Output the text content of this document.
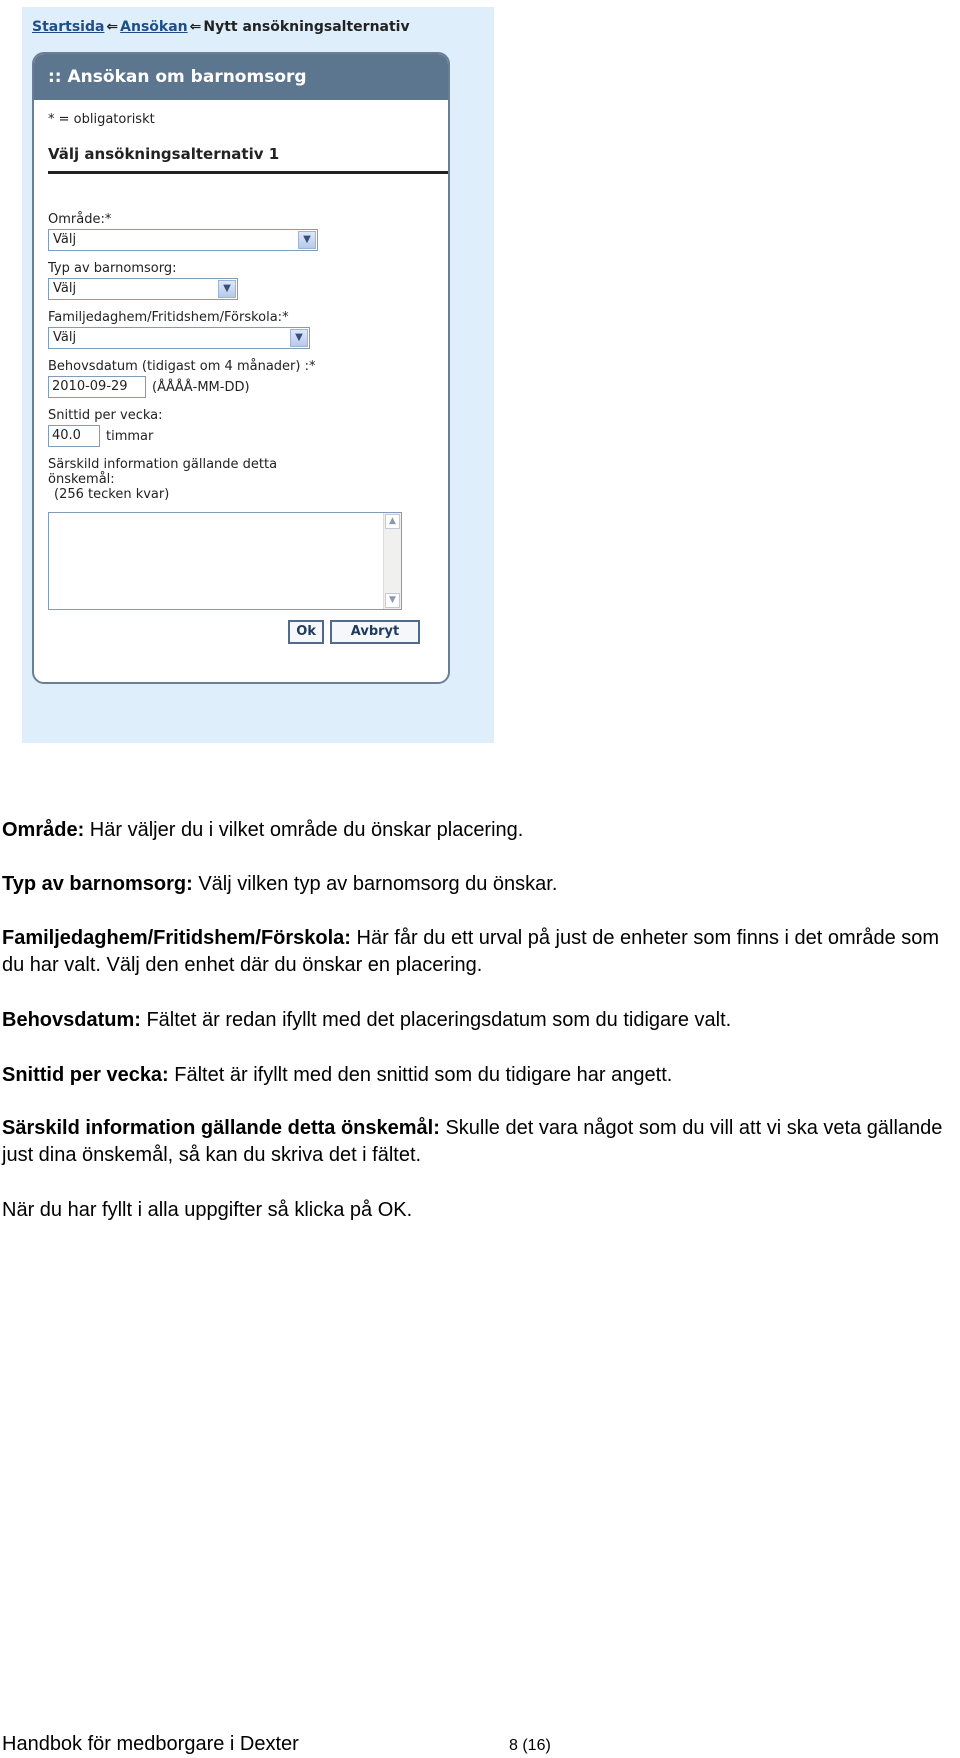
Startsida ⇐ Ansökan ⇐ Nytt ansökningsalternativ
:: Ansökan om barnomsorg
* = obligatoriskt
Välj ansökningsalternativ 1
Område:*
Välj	▼
Typ av barnomsorg:
Välj	▼
Familjedaghem/Fritidshem/Förskola:*
Välj	▼
Behovsdatum (tidigast om 4 månader) :*
2010-09-29	(ÅÅÅÅ-MM-DD)
Snittid per vecka:
40.0	timmar
Särskild information gällande detta
önskemål:
(256 tecken kvar)
▲
▼
Ok	Avbryt

Område: Här väljer du i vilket område du önskar placering.

Typ av barnomsorg: Välj vilken typ av barnomsorg du önskar.

Familjedaghem/Fritidshem/Förskola: Här får du ett urval på just de enheter som finns i det område som du har valt. Välj den enhet där du önskar en placering.

Behovsdatum: Fältet är redan ifyllt med det placeringsdatum som du tidigare valt.

Snittid per vecka: Fältet är ifyllt med den snittid som du tidigare har angett.

Särskild information gällande detta önskemål: Skulle det vara något som du vill att vi ska veta gällande just dina önskemål, så kan du skriva det i fältet.

När du har fyllt i alla uppgifter så klicka på OK.

Handbok för medborgare i Dexter	8 (16)
